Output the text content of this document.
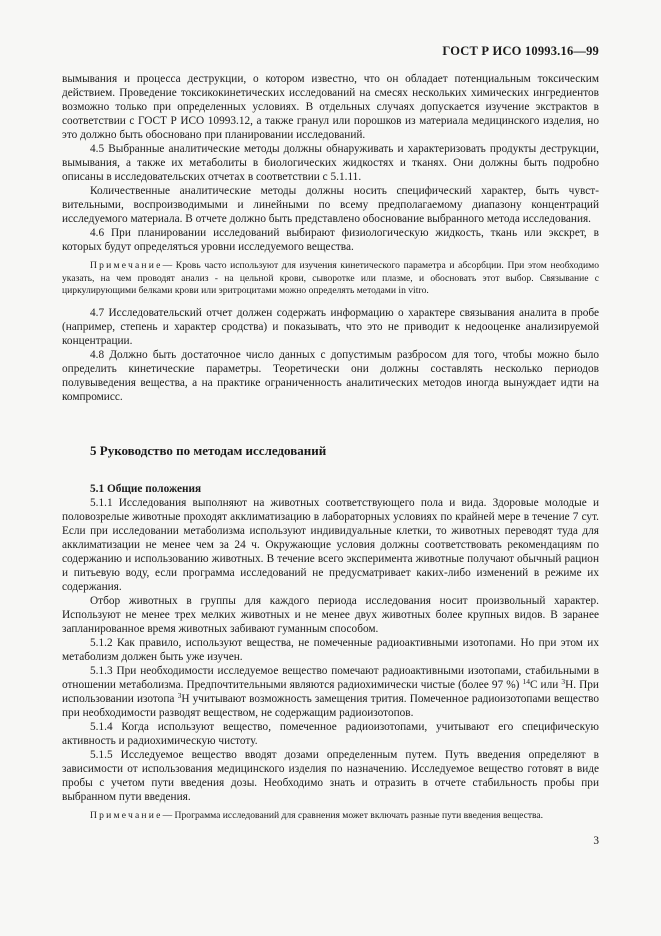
ГОСТ Р ИСО 10993.16—99

вымывания и процесса деструкции, о котором известно, что он обладает потенциальным токсическим действием. Проведение токсикокинетических исследований на смесях нескольких химических ингредиентов возможно только при определенных условиях. В отдельных случаях допускается изучение экстрактов в соответствии с ГОСТ Р ИСО 10993.12, а также гранул или порошков из материала медицинского изделия, но это должно быть обосновано при планировании исследований.

4.5 Выбранные аналитические методы должны обнаруживать и характеризовать продукты деструкции, вымывания, а также их метаболиты в биологических жидкостях и тканях. Они должны быть подробно описаны в исследовательских отчетах в соответствии с 5.1.11.

Количественные аналитические методы должны носить специфический характер, быть чувствительными, воспроизводимыми и линейными по всему предполагаемому диапазону концентраций исследуемого материала. В отчете должно быть представлено обоснование выбранного метода исследования.

4.6 При планировании исследований выбирают физиологическую жидкость, ткань или экскрет, в которых будут определяться уровни исследуемого вещества.

Примечание— Кровь часто используют для изучения кинетического параметра и абсорбции. При этом необходимо указать, на чем проводят анализ - на цельной крови, сыворотке или плазме, и обосновать этот выбор. Связывание с циркулирующими белками крови или эритроцитами можно определять методами in vitro.

4.7 Исследовательский отчет должен содержать информацию о характере связывания аналита в пробе (например, степень и характер сродства) и показывать, что это не приводит к недооценке анализируемой концентрации.

4.8 Должно быть достаточное число данных с допустимым разбросом для того, чтобы можно было определить кинетические параметры. Теоретически они должны составлять несколько периодов полувыведения вещества, а на практике ограниченность аналитических методов иногда вынуждает идти на компромисс.

5 Руководство по методам исследований

5.1 Общие положения

5.1.1 Исследования выполняют на животных соответствующего пола и вида. Здоровые молодые и половозрелые животные проходят акклиматизацию в лабораторных условиях по крайней мере в течение 7 сут. Если при исследовании метаболизма используют индивидуальные клетки, то животных переводят туда для акклиматизации не менее чем за 24 ч. Окружающие условия должны соответствовать рекомендациям по содержанию и использованию животных. В течение всего эксперимента животные получают обычный рацион и питьевую воду, если программа исследований не предусматривает каких-либо изменений в режиме их содержания.

Отбор животных в группы для каждого периода исследования носит произвольный характер. Используют не менее трех мелких животных и не менее двух животных более крупных видов. В заранее запланированное время животных забивают гуманным способом.

5.1.2 Как правило, используют вещества, не помеченные радиоактивными изотопами. Но при этом их метаболизм должен быть уже изучен.

5.1.3 При необходимости исследуемое вещество помечают радиоактивными изотопами, стабильными в отношении метаболизма. Предпочтительными являются радиохимически чистые (более 97 %) $^{14}$С или $^3$Н. При использовании изотопа $^3$Н учитывают возможность замещения трития. Помеченное радиоизотопами вещество при необходимости разводят веществом, не содержащим радиоизотопов.

5.1.4 Когда используют вещество, помеченное радиоизотопами, учитывают его специфическую активность и радиохимическую чистоту.

5.1.5 Исследуемое вещество вводят дозами определенным путем. Путь введения определяют в зависимости от использования медицинского изделия по назначению. Исследуемое вещество готовят в виде пробы с учетом пути введения дозы. Необходимо знать и отразить в отчете стабильность пробы при выбранном пути введения.

Примечание— Программа исследований для сравнения может включать разные пути введения вещества.

3
